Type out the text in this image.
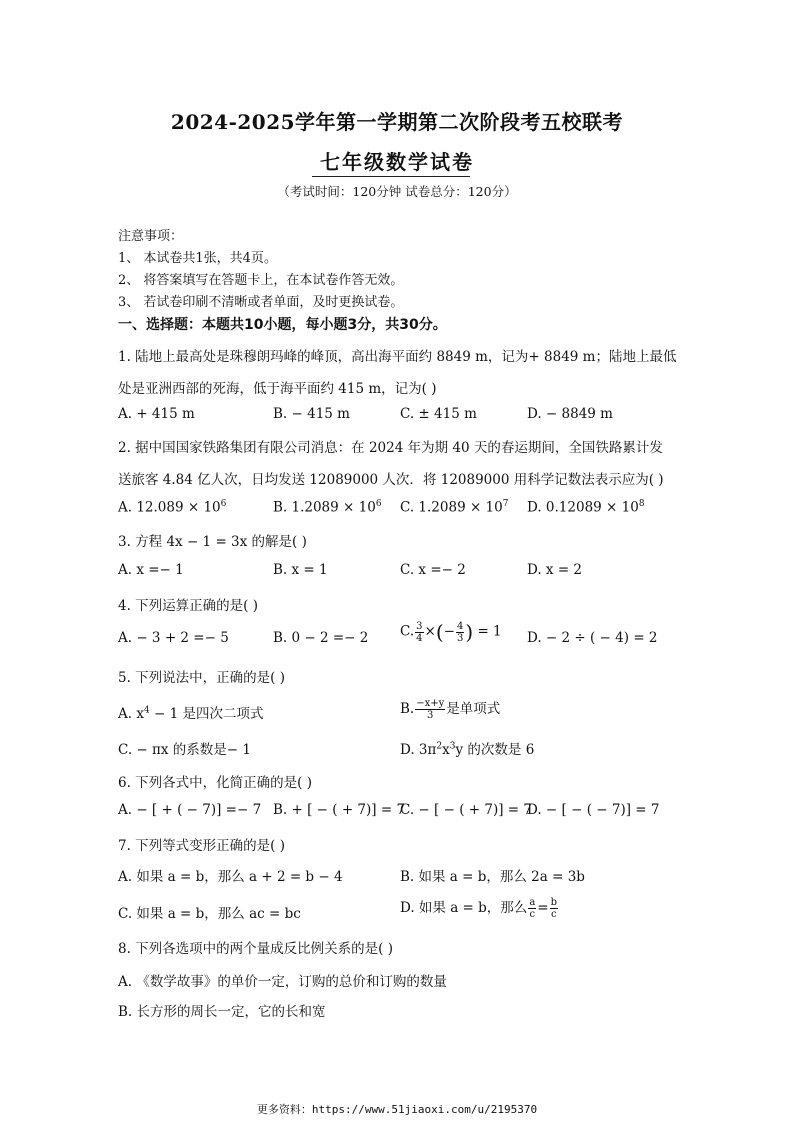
2024-2025学年第一学期第二次阶段考五校联考
七年级数学试卷
（考试时间：120分钟 试卷总分：120分）
注意事项：
1、 本试卷共1张，共4页。
2、 将答案填写在答题卡上，在本试卷作答无效。
3、 若试卷印刷不清晰或者单面，及时更换试卷。
一、选择题：本题共10小题，每小题3分，共30分。
1. 陆地上最高处是珠穆朗玛峰的峰顶，高出海平面约 8849 m，记为+ 8849 m；陆地上最低
处是亚洲西部的死海，低于海平面约 415 m，记为( )
A. + 415 m	B. − 415 m	C. ± 415 m	D. − 8849 m
2. 据中国国家铁路集团有限公司消息：在 2024 年为期 40 天的春运期间，全国铁路累计发
送旅客 4.84 亿人次，日均发送 12089000 人次．将 12089000 用科学记数法表示应为( )
A. $12.089 \times 10^6$	B. $1.2089 \times 10^6$ C. $1.2089 \times 10^7$ D. $0.12089 \times 10^8$
3. 方程 4x − 1 = 3x 的解是( )
A. x =− 1	B. x = 1	C. x =− 2	D. x = 2
4. 下列运算正确的是( )
A. − 3 + 2 =− 5	B. 0 − 2 =− 2 C. $\frac{3}{4}$ ×(− $\frac{4}{3}$ ) = 1 D. − 2 ÷ ( − 4) = 2
5. 下列说法中，正确的是( )
A. $x^4 - 1$ 是四次二项式	B. $\frac{-x+y}{3}$ 是单项式
C. − πx 的系数是− 1	D. $3\pi^2x^3y$ 的次数是 6
6. 下列各式中，化简正确的是( )
A. − [ + ( − 7)] =− 7 B. + [ − ( + 7)] = 7
C. − [ − ( + 7)] = 7
D. − [ − ( − 7)] = 7
7. 下列等式变形正确的是( )
A. 如果 a = b，那么 a + 2 = b − 4	B. 如果 a = b，那么 2a = 3b
C. 如果 a = b，那么 ac = bc	D. 如果 a = b，那么 $\frac{a}{c} = \frac{b}{c}$
8. 下列各选项中的两个量成反比例关系的是( )
A. 《数学故事》的单价一定，订购的总价和订购的数量
B. 长方形的周长一定，它的长和宽
更多资料：https://www.51jiaoxi.com/u/2195370
